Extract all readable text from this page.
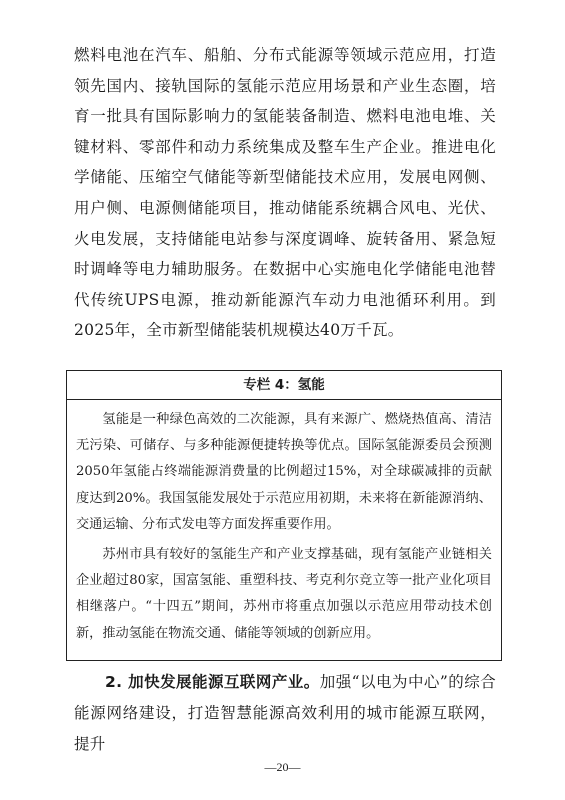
燃料电池在汽车、船舶、分布式能源等领域示范应用，打造领先国内、接轨国际的氢能示范应用场景和产业生态圈，培育一批具有国际影响力的氢能装备制造、燃料电池电堆、关键材料、零部件和动力系统集成及整车生产企业。推进电化学储能、压缩空气储能等新型储能技术应用，发展电网侧、用户侧、电源侧储能项目，推动储能系统耦合风电、光伏、火电发展，支持储能电站参与深度调峰、旋转备用、紧急短时调峰等电力辅助服务。在数据中心实施电化学储能电池替代传统UPS电源，推动新能源汽车动力电池循环利用。到2025年，全市新型储能装机规模达40万千瓦。

专栏 4：氢能

氢能是一种绿色高效的二次能源，具有来源广、燃烧热值高、清洁无污染、可储存、与多种能源便捷转换等优点。国际氢能源委员会预测2050年氢能占终端能源消费量的比例超过15%，对全球碳减排的贡献度达到20%。我国氢能发展处于示范应用初期，未来将在新能源消纳、交通运输、分布式发电等方面发挥重要作用。

苏州市具有较好的氢能生产和产业支撑基础，现有氢能产业链相关企业超过80家，国富氢能、重塑科技、考克利尔竞立等一批产业化项目相继落户。“十四五”期间，苏州市将重点加强以示范应用带动技术创新，推动氢能在物流交通、储能等领域的创新应用。

2. 加快发展能源互联网产业。加强“以电为中心”的综合能源网络建设，打造智慧能源高效利用的城市能源互联网，提升

—20—
